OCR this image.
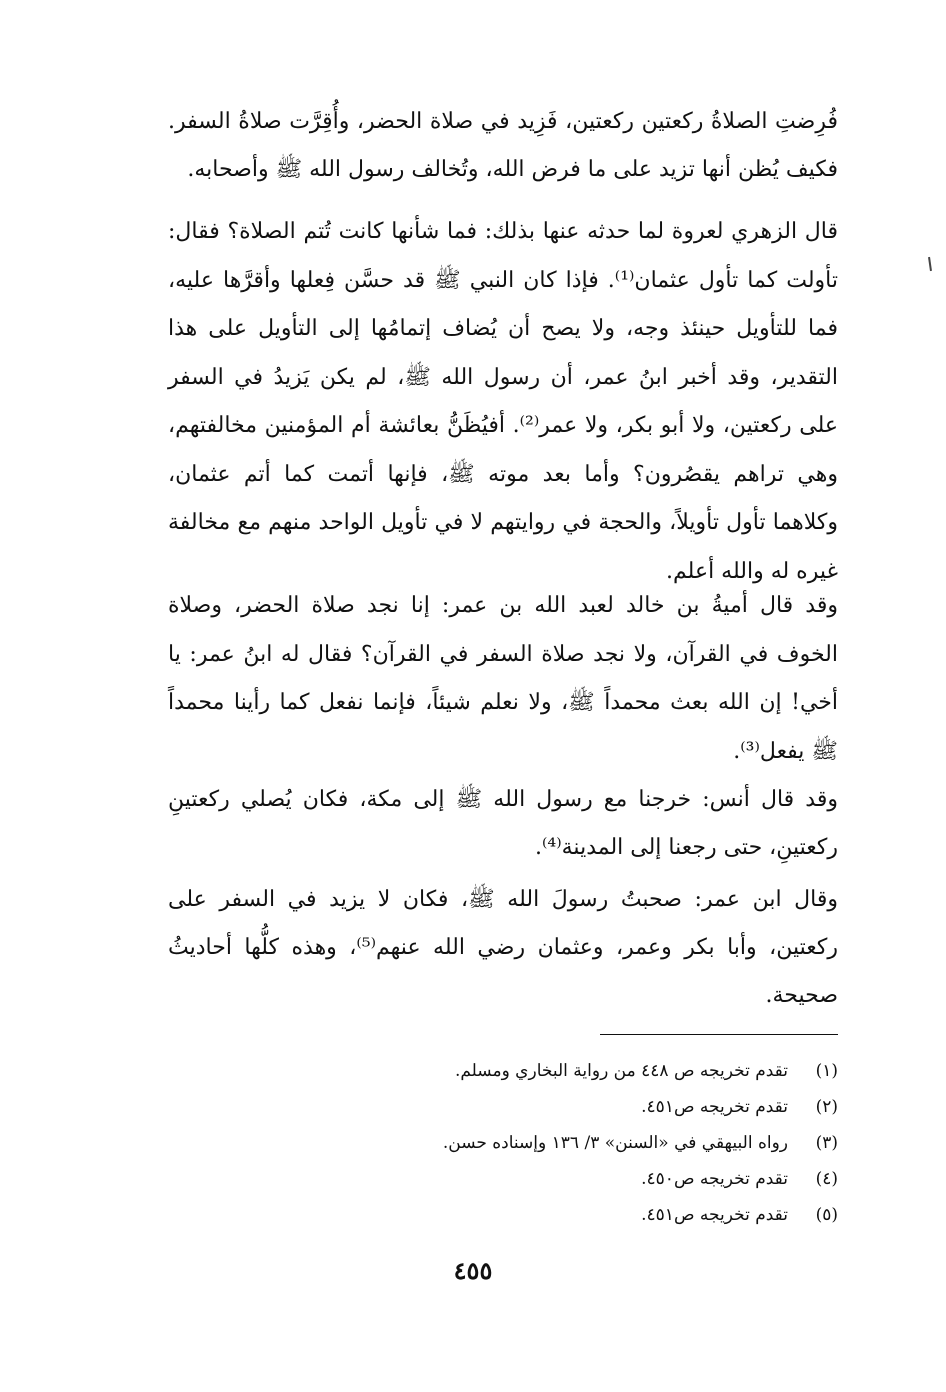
فُرِضتِ الصلاةُ ركعتين ركعتين، فَزِيد في صلاة الحضر، وأُقِرَّت صلاةُ السفر. فكيف يُظن أنها تزيد على ما فرض الله، وتُخالف رسول الله ﷺ وأصحابه.

قال الزهري لعروة لما حدثه عنها بذلك: فما شأنها كانت تُتم الصلاة؟ فقال: تأولت كما تأول عثمان⁽¹⁾. فإذا كان النبي ﷺ قد حسَّن فِعلها وأقرَّها عليه، فما للتأويل حينئذ وجه، ولا يصح أن يُضاف إتمامُها إلى التأويل على هذا التقدير، وقد أخبر ابنُ عمر، أن رسول الله ﷺ، لم يكن يَزيدُ في السفر على ركعتين، ولا أبو بكر، ولا عمر⁽²⁾. أفيُظَنُّ بعائشة أم المؤمنين مخالفتهم، وهي تراهم يقصُرون؟ وأما بعد موته ﷺ، فإنها أتمت كما أتم عثمان، وكلاهما تأول تأويلاً، والحجة في روايتهم لا في تأويل الواحد منهم مع مخالفة غيره له والله أعلم.

وقد قال أميةُ بن خالد لعبد الله بن عمر: إنا نجد صلاة الحضر، وصلاة الخوف في القرآن، ولا نجد صلاة السفر في القرآن؟ فقال له ابنُ عمر: يا أخي! إن الله بعث محمداً ﷺ، ولا نعلم شيئاً، فإنما نفعل كما رأينا محمداً ﷺ يفعل⁽³⁾.

وقد قال أنس: خرجنا مع رسول الله ﷺ إلى مكة، فكان يُصلي ركعتينِ ركعتينِ، حتى رجعنا إلى المدينة⁽⁴⁾.

وقال ابن عمر: صحبتُ رسولَ الله ﷺ، فكان لا يزيد في السفر على ركعتين، وأبا بكر وعمر، وعثمان رضي الله عنهم⁽⁵⁾، وهذه كلُّها أحاديثُ صحيحة.

(١)تقدم تخريجه ص ٤٤٨ من رواية البخاري ومسلم.
(٢)تقدم تخريجه ص٤٥١.
(٣)رواه البيهقي في «السنن» ٣/ ١٣٦ وإسناده حسن.
(٤)تقدم تخريجه ص٤٥٠.
(٥)تقدم تخريجه ص٤٥١.
٤٥٥
